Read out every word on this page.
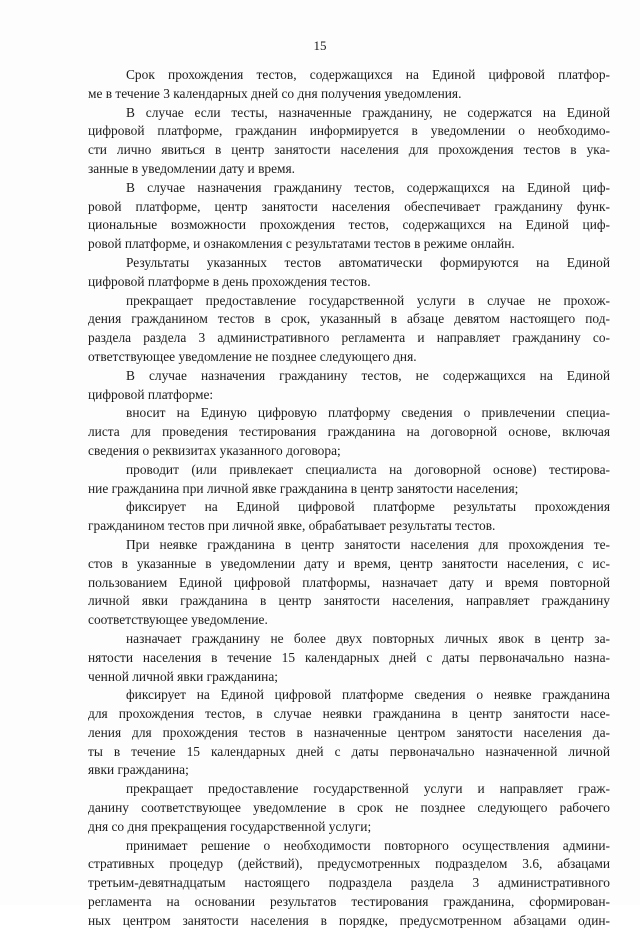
15
Срок прохождения тестов, содержащихся на Единой цифровой платфор-
ме в течение 3 календарных дней со дня получения уведомления.
В случае если тесты, назначенные гражданину, не содержатся на Единой
цифровой платформе, гражданин информируется в уведомлении о необходимо-
сти лично явиться в центр занятости населения для прохождения тестов в ука-
занные в уведомлении дату и время.
В случае назначения гражданину тестов, содержащихся на Единой циф-
ровой платформе, центр занятости населения обеспечивает гражданину функ-
циональные возможности прохождения тестов, содержащихся на Единой циф-
ровой платформе, и ознакомления с результатами тестов в режиме онлайн.
Результаты указанных тестов автоматически формируются на Единой
цифровой платформе в день прохождения тестов.
прекращает предоставление государственной услуги в случае не прохож-
дения гражданином тестов в срок, указанный в абзаце девятом настоящего под-
раздела раздела 3 административного регламента и направляет гражданину со-
ответствующее уведомление не позднее следующего дня.
В случае назначения гражданину тестов, не содержащихся на Единой
цифровой платформе:
вносит на Единую цифровую платформу сведения о привлечении специа-
листа для проведения тестирования гражданина на договорной основе, включая
сведения о реквизитах указанного договора;
проводит (или привлекает специалиста на договорной основе) тестирова-
ние гражданина при личной явке гражданина в центр занятости населения;
фиксирует на Единой цифровой платформе результаты прохождения
гражданином тестов при личной явке, обрабатывает результаты тестов.
При неявке гражданина в центр занятости населения для прохождения те-
стов в указанные в уведомлении дату и время, центр занятости населения, с ис-
пользованием Единой цифровой платформы, назначает дату и время повторной
личной явки гражданина в центр занятости населения, направляет гражданину
соответствующее уведомление.
назначает гражданину не более двух повторных личных явок в центр за-
нятости населения в течение 15 календарных дней с даты первоначально назна-
ченной личной явки гражданина;
фиксирует на Единой цифровой платформе сведения о неявке гражданина
для прохождения тестов, в случае неявки гражданина в центр занятости насе-
ления для прохождения тестов в назначенные центром занятости населения да-
ты в течение 15 календарных дней с даты первоначально назначенной личной
явки гражданина;
прекращает предоставление государственной услуги и направляет граж-
данину соответствующее уведомление в срок не позднее следующего рабочего
дня со дня прекращения государственной услуги;
принимает решение о необходимости повторного осуществления админи-
стративных процедур (действий), предусмотренных подразделом 3.6, абзацами
третьим-девятнадцатым настоящего подраздела раздела 3 административного
регламента на основании результатов тестирования гражданина, сформирован-
ных центром занятости населения в порядке, предусмотренном абзацами один-
